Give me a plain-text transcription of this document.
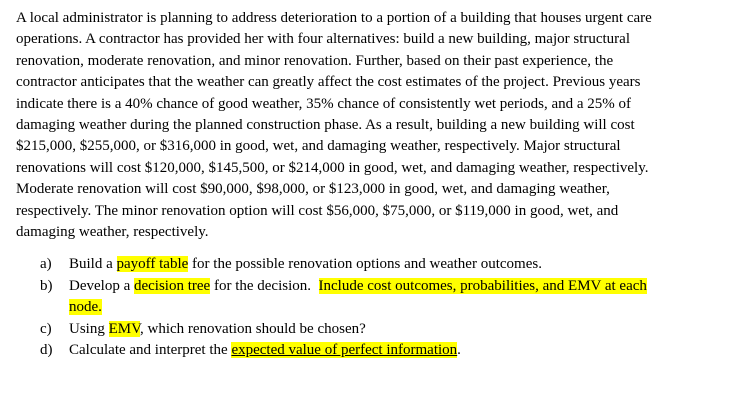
A local administrator is planning to address deterioration to a portion of a building that houses urgent care
operations. A contractor has provided her with four alternatives: build a new building, major structural
renovation, moderate renovation, and minor renovation. Further, based on their past experience, the
contractor anticipates that the weather can greatly affect the cost estimates of the project. Previous years
indicate there is a 40% chance of good weather, 35% chance of consistently wet periods, and a 25% of
damaging weather during the planned construction phase. As a result, building a new building will cost
$215,000, $255,000, or $316,000 in good, wet, and damaging weather, respectively. Major structural
renovations will cost $120,000, $145,500, or $214,000 in good, wet, and damaging weather, respectively.
Moderate renovation will cost $90,000, $98,000, or $123,000 in good, wet, and damaging weather,
respectively. The minor renovation option will cost $56,000, $75,000, or $119,000 in good, wet, and
damaging weather, respectively.
a) Build a payoff table for the possible renovation options and weather outcomes.
b) Develop a decision tree for the decision.  Include cost outcomes, probabilities, and EMV at each
node.
c) Using EMV, which renovation should be chosen?
d) Calculate and interpret the expected value of perfect information.
